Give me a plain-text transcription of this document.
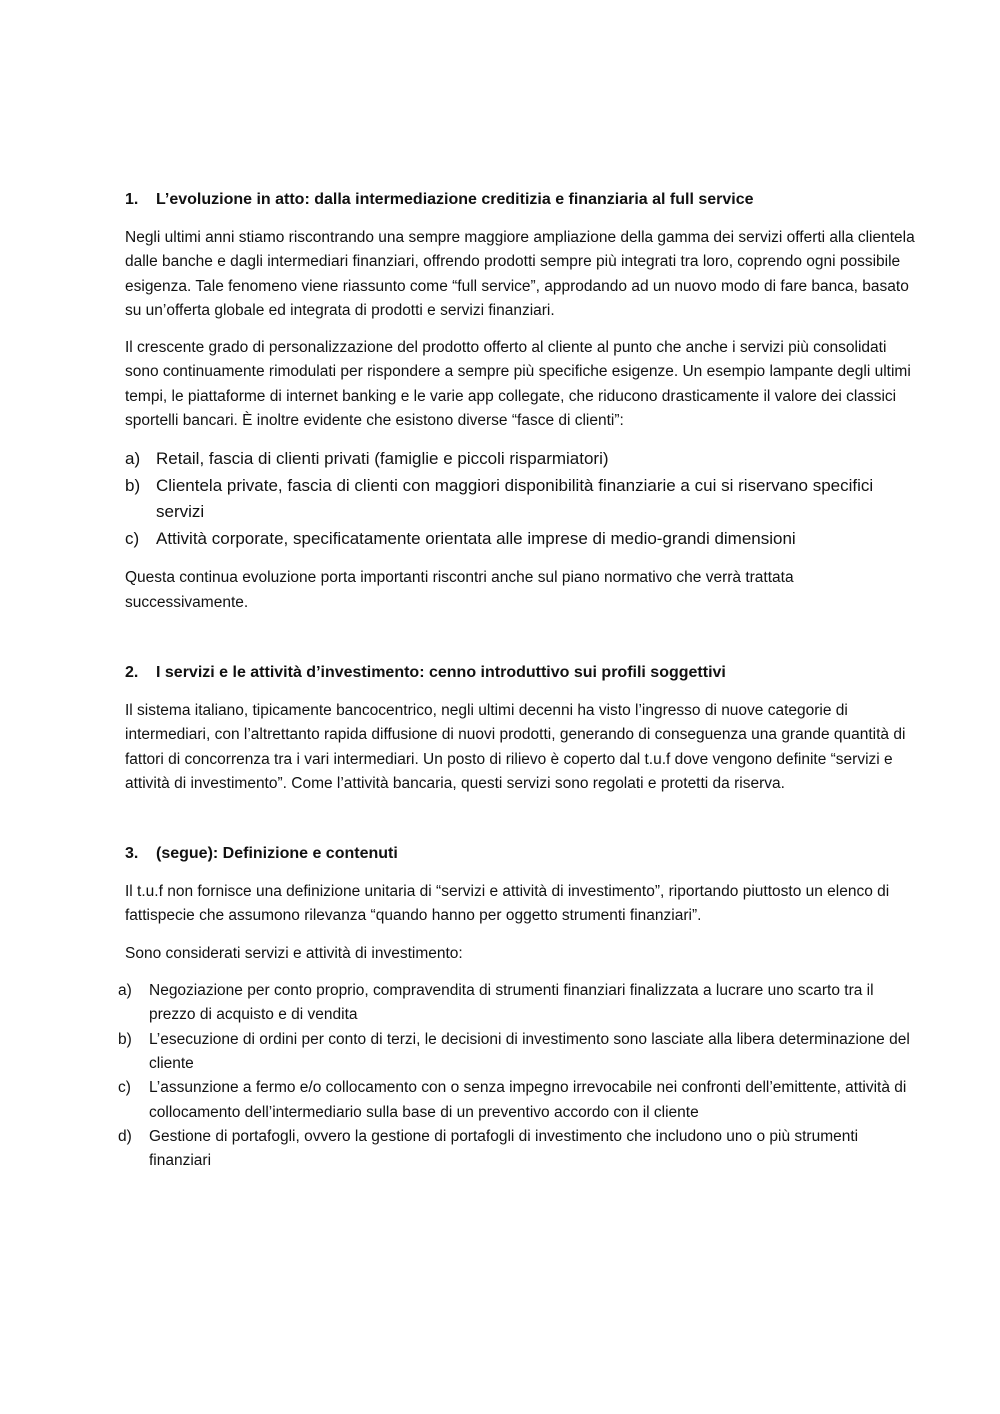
1.	L’evoluzione in atto: dalla intermediazione creditizia e finanziaria al full service

Negli ultimi anni stiamo riscontrando una sempre maggiore ampliazione della gamma dei servizi offerti alla clientela dalle banche e dagli intermediari finanziari, offrendo prodotti sempre più integrati tra loro, coprendo ogni possibile esigenza. Tale fenomeno viene riassunto come “full service”, approdando ad un nuovo modo di fare banca, basato su un’offerta globale ed integrata di prodotti e servizi finanziari.

Il crescente grado di personalizzazione del prodotto offerto al cliente al punto che anche i servizi più consolidati sono continuamente rimodulati per rispondere a sempre più specifiche esigenze. Un esempio lampante degli ultimi tempi, le piattaforme di internet banking e le varie app collegate, che riducono drasticamente il valore dei classici sportelli bancari. È inoltre evidente che esistono diverse “fasce di clienti”:

a) Retail, fascia di clienti privati (famiglie e piccoli risparmiatori)
b) Clientela private, fascia di clienti con maggiori disponibilità finanziarie a cui si riservano specifici servizi
c) Attività corporate, specificatamente orientata alle imprese di medio-grandi dimensioni

Questa continua evoluzione porta importanti riscontri anche sul piano normativo che verrà trattata successivamente.

2.	I servizi e le attività d’investimento: cenno introduttivo sui profili soggettivi

Il sistema italiano, tipicamente bancocentrico, negli ultimi decenni ha visto l’ingresso di nuove categorie di intermediari, con l’altrettanto rapida diffusione di nuovi prodotti, generando di conseguenza una grande quantità di fattori di concorrenza tra i vari intermediari. Un posto di rilievo è coperto dal t.u.f dove vengono definite “servizi e attività di investimento”. Come l’attività bancaria, questi servizi sono regolati e protetti da riserva.

3.	(segue): Definizione e contenuti

Il t.u.f non fornisce una definizione unitaria di “servizi e attività di investimento”, riportando piuttosto un elenco di fattispecie che assumono rilevanza “quando hanno per oggetto strumenti finanziari”.

Sono considerati servizi e attività di investimento:

a)	Negoziazione per conto proprio, compravendita di strumenti finanziari finalizzata a lucrare uno scarto tra il prezzo di acquisto e di vendita
b)	L’esecuzione di ordini per conto di terzi, le decisioni di investimento sono lasciate alla libera determinazione del cliente
c)	L’assunzione a fermo e/o collocamento con o senza impegno irrevocabile nei confronti dell’emittente, attività di collocamento dell’intermediario sulla base di un preventivo accordo con il cliente
d)	Gestione di portafogli, ovvero la gestione di portafogli di investimento che includono uno o più strumenti finanziari
